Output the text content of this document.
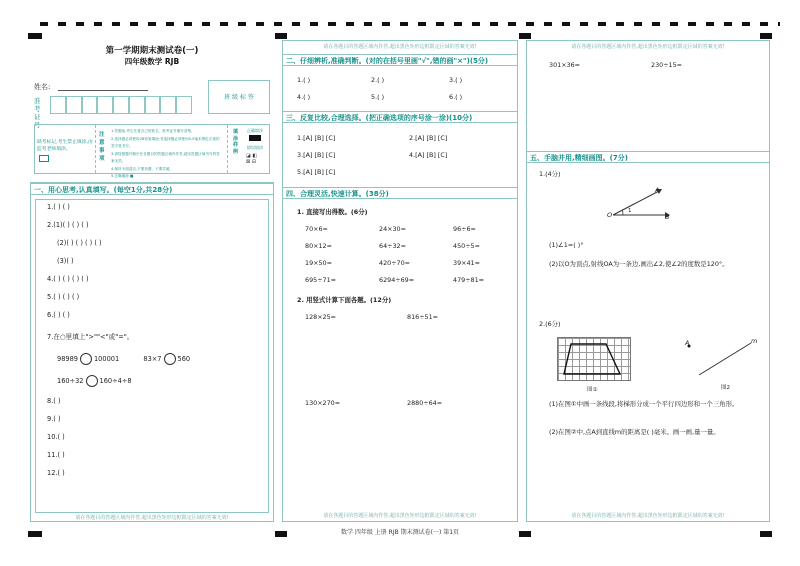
第一学期期末测试卷(一)
四年级数学 RJB
姓名:
准考证号
班 级 标 签
缺考标记,考生禁止填涂,由监考老师填涂。
注意事项
1.答题前,考生先将自己的姓名、准考证号填写清楚。
2.选择题必须使用2B铅笔填涂;非选择题必须使用0.5毫米黑色字迹的签字笔书写。
3.请按照题号顺序在各题目的答题区域内作答,超出答题区域书写的答案无效。
4.保持卡面清洁,不要折叠、不要弄破。
5.正确填涂 ■
填
涂
样
例
正确填涂
错误填涂
◪ ◧
⊠ ⊟
一、用心思考,认真填写。(每空1分,共28分)
1.( ) ( )
2.(1)( ) ( ) ( )
(2)( ) ( ) ( ) ( )
(3)( )
4.( ) ( ) ( ) ( )
5.( ) ( ) ( )
6.( ) ( )
7.在○里填上">""<"或"="。
98989 100001	83×7 560
160÷32 160÷4÷8
8.( )
9.( )
10.( )
11.( )
12.( )
请在各题目的答题区域内作答,超出黑色矩形边框限定区域的答案无效!
请在各题目的答题区域内作答,超出黑色矩形边框限定区域的答案无效!
二、仔细辨析,准确判断。(对的在括号里画"√",错的画"×")(5分)
1.( )	2.( )	3.( )
4.( )	5.( )	6.( )
三、反复比较,合理选择。(把正确选项的序号涂一涂)(10分)
1.[A] [B] [C]	2.[A] [B] [C]
3.[A] [B] [C]	4.[A] [B] [C]
5.[A] [B] [C]
四、合理灵活,快速计算。(38分)
1. 直接写出得数。(6分)
70×6=	24×30=	96÷6=
80×12=	64÷32=	450÷5=
19×50=	420÷70=	39×41≈
695÷71≈	6294÷69≈	479÷81≈
2. 用竖式计算下面各题。(12分)
128×25=	816÷51=
130×270=	2880÷64=
请在各题目的答题区域内作答,超出黑色矩形边框限定区域的答案无效!
请在各题目的答题区域内作答,超出黑色矩形边框限定区域的答案无效!
301×36=	230÷15=
五、手脑并用,精细画图。(7分)
1.(4分)
A
O	1
B
(1)∠1=( )°
(2)以O为顶点,射线OA为一条边,画出∠2,使∠2的度数是120°。
2.(6分)
图①
A	m
图2
(1)在图①中画一条线段,将梯形分成一个平行四边形和一个三角形。
(2)在图②中,点A到直线m的距离是( )毫米。画一画,量一量。
请在各题目的答题区域内作答,超出黑色矩形边框限定区域的答案无效!
数学 四年级 上册 RJB 期末测试卷(一) 第1页
